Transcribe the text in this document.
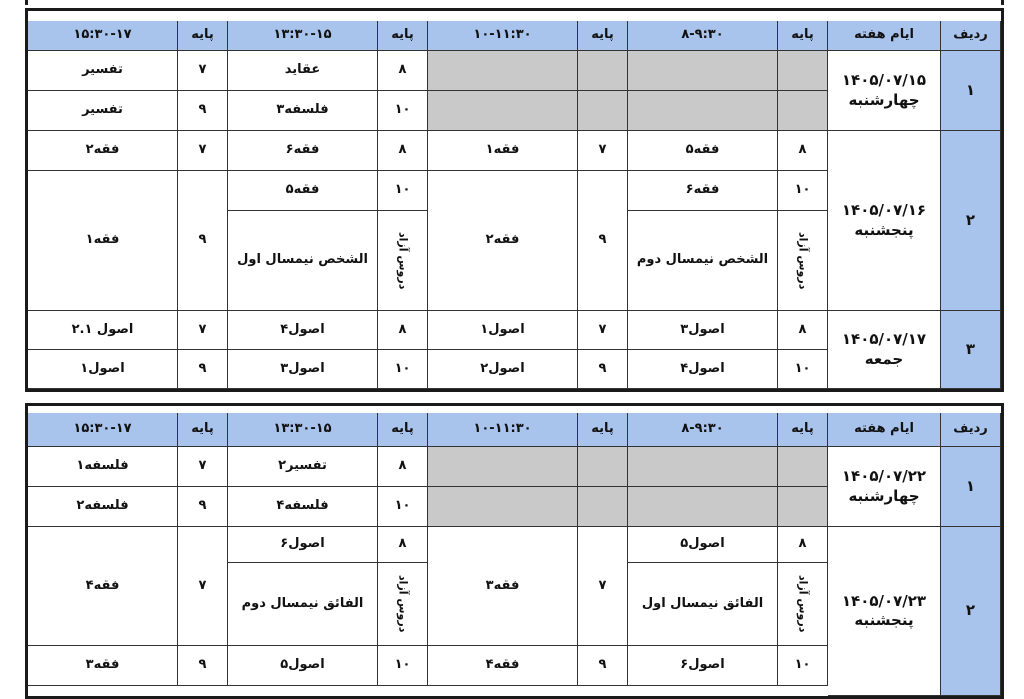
ردیف
ایام هفته
پایه
۸-۹:۳۰
پایه
۱۰-۱۱:۳۰
پایه
۱۳:۳۰-۱۵
پایه
۱۵:۳۰-۱۷
۱
۱۴۰۵/۰۷/۱۵
چهارشنبه
۸
عقاید
۷
تفسیر
۱۰
فلسفه۳
۹
تفسیر
۲
۱۴۰۵/۰۷/۱۶
پنجشنبه
۸
فقه۵
۷
فقه۱
۸
فقه۶
۷
فقه۲
۱۰
فقه۶
۱۰
فقه۵
دروس آزاد
الشخص نیمسال دوم
دروس آزاد
الشخص نیمسال اول
۹
فقه۲
۹
فقه۱
۳
۱۴۰۵/۰۷/۱۷
جمعه
۸
اصول۳
۷
اصول۱
۸
اصول۴
۷
اصول ۲.۱
۱۰
اصول۴
۹
اصول۲
۱۰
اصول۳
۹
اصول۱
ردیف
ایام هفته
پایه
۸-۹:۳۰
پایه
۱۰-۱۱:۳۰
پایه
۱۳:۳۰-۱۵
پایه
۱۵:۳۰-۱۷
۱
۱۴۰۵/۰۷/۲۲
چهارشنبه
۸
تفسیر۲
۷
فلسفه۱
۱۰
فلسفه۴
۹
فلسفه۲
۲
۱۴۰۵/۰۷/۲۳
پنجشنبه
۸
اصول۵
۸
اصول۶
دروس آزاد
الفائق نیمسال اول
دروس آزاد
الفائق نیمسال دوم
۷
فقه۳
۷
فقه۴
۱۰
اصول۶
۹
فقه۴
۱۰
اصول۵
۹
فقه۳
